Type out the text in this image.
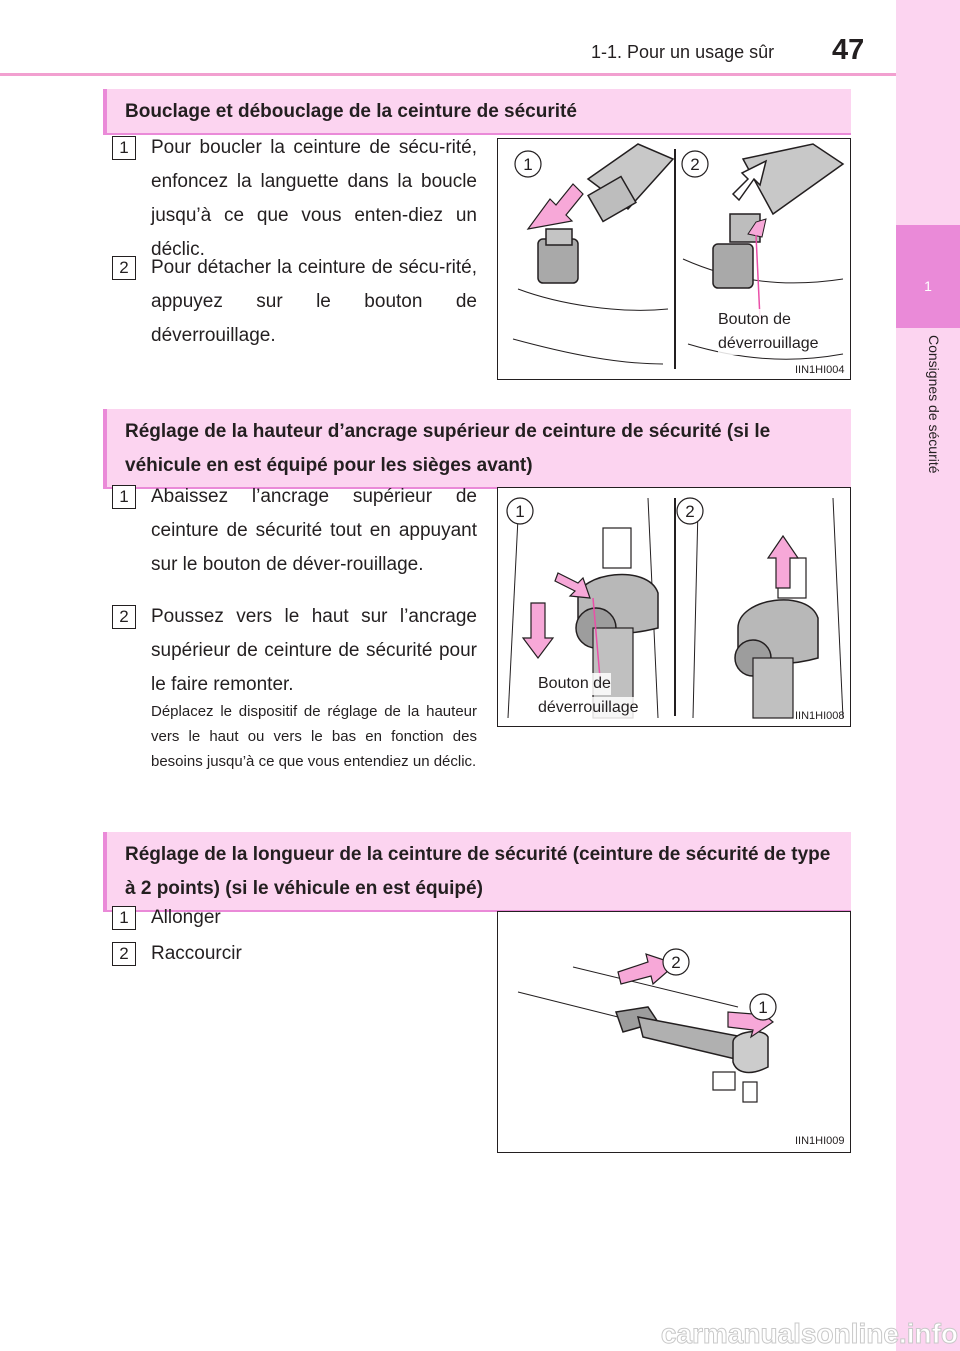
1-1. Pour un usage sûr 47
1
Consignes de sécurité
Bouclage et débouclage de la ceinture de sécurité
1	Pour boucler la ceinture de sécu-rité, enfoncez la languette dans la boucle jusqu’à ce que vous enten-diez un déclic.
2	Pour détacher la ceinture de sécu-rité, appuyez sur le bouton de déverrouillage.
1	2
Bouton de
déverrouillage
IIN1HI004
Réglage de la hauteur d’ancrage supérieur de ceinture de sécurité (si le véhicule en est équipé pour les sièges avant)
1	Abaissez l’ancrage supérieur de ceinture de sécurité tout en appuyant sur le bouton de déver-rouillage.
2	Poussez vers le haut sur l’ancrage supérieur de ceinture de sécurité pour le faire remonter.
Déplacez le dispositif de réglage de la hauteur vers le haut ou vers le bas en fonction des besoins jusqu’à ce que vous entendiez un déclic.
1	2
Bouton de
déverrouillage	IIN1HI008
Réglage de la longueur de la ceinture de sécurité (ceinture de sécurité de type à 2 points) (si le véhicule en est équipé)
1	Allonger
2	Raccourcir	2
1
IIN1HI009
carmanualsonline.info
